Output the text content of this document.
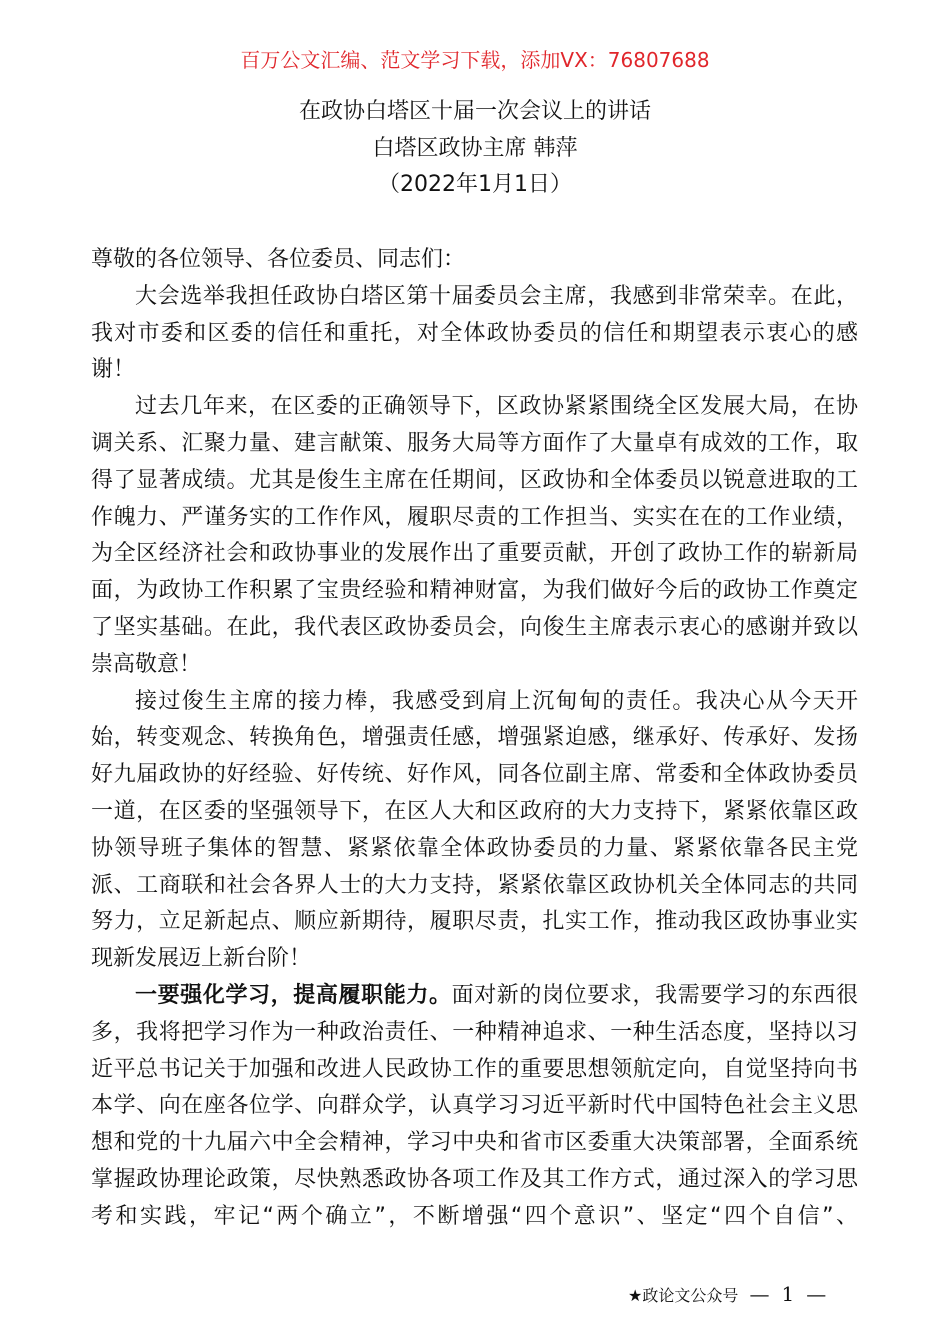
百万公文汇编、范文学习下载，添加VX：76807688
在政协白塔区十届一次会议上的讲话
白塔区政协主席 韩萍
（2022年1月1日）
尊敬的各位领导、各位委员、同志们：
大会选举我担任政协白塔区第十届委员会主席，我感到非常荣幸。在此，
我对市委和区委的信任和重托，对全体政协委员的信任和期望表示衷心的感
谢！
过去几年来，在区委的正确领导下，区政协紧紧围绕全区发展大局，在协
调关系、汇聚力量、建言献策、服务大局等方面作了大量卓有成效的工作，取
得了显著成绩。尤其是俊生主席在任期间，区政协和全体委员以锐意进取的工
作魄力、严谨务实的工作作风，履职尽责的工作担当、实实在在的工作业绩，
为全区经济社会和政协事业的发展作出了重要贡献，开创了政协工作的崭新局
面，为政协工作积累了宝贵经验和精神财富，为我们做好今后的政协工作奠定
了坚实基础。在此，我代表区政协委员会，向俊生主席表示衷心的感谢并致以
崇高敬意！
接过俊生主席的接力棒，我感受到肩上沉甸甸的责任。我决心从今天开
始，转变观念、转换角色，增强责任感，增强紧迫感，继承好、传承好、发扬
好九届政协的好经验、好传统、好作风，同各位副主席、常委和全体政协委员
一道，在区委的坚强领导下，在区人大和区政府的大力支持下，紧紧依靠区政
协领导班子集体的智慧、紧紧依靠全体政协委员的力量、紧紧依靠各民主党
派、工商联和社会各界人士的大力支持，紧紧依靠区政协机关全体同志的共同
努力，立足新起点、顺应新期待，履职尽责，扎实工作，推动我区政协事业实
现新发展迈上新台阶！
一要强化学习，提高履职能力。面对新的岗位要求，我需要学习的东西很
多，我将把学习作为一种政治责任、一种精神追求、一种生活态度，坚持以习
近平总书记关于加强和改进人民政协工作的重要思想领航定向，自觉坚持向书
本学、向在座各位学、向群众学，认真学习习近平新时代中国特色社会主义思
想和党的十九届六中全会精神，学习中央和省市区委重大决策部署，全面系统
掌握政协理论政策，尽快熟悉政协各项工作及其工作方式，通过深入的学习思
考和实践，牢记“两个确立”，不断增强“四个意识”、坚定“四个自信”、
★政论文公众号 — 1 —
